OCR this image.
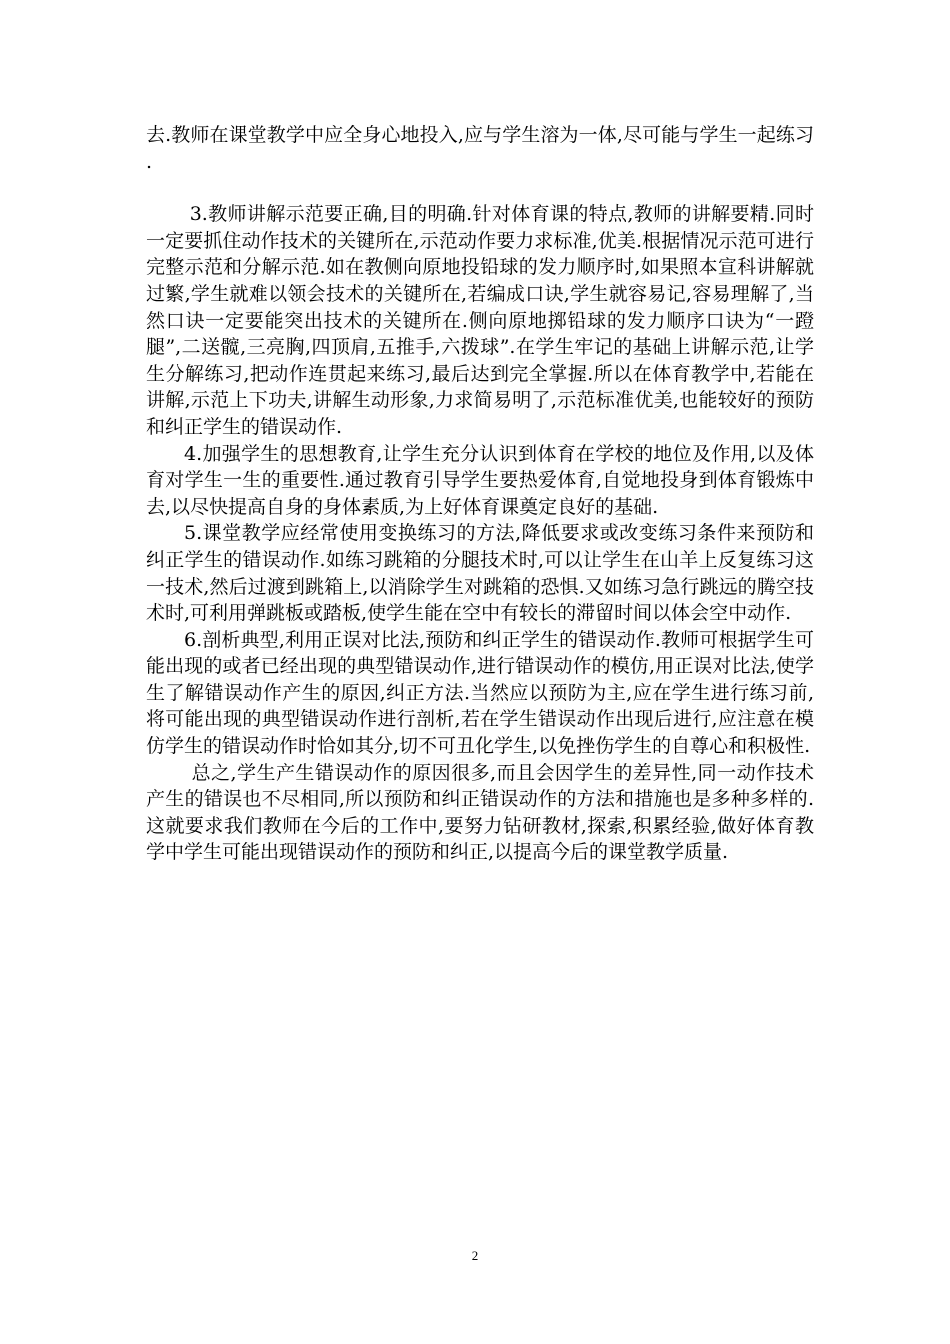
去.教师在课堂教学中应全身心地投入,应与学生溶为一体,尽可能与学生一起练习 .

3.教师讲解示范要正确,目的明确.针对体育课的特点,教师的讲解要精.同时一定要抓住动作技术的关键所在,示范动作要力求标准,优美.根据情况示范可进行完整示范和分解示范.如在教侧向原地投铅球的发力顺序时,如果照本宣科讲解就过繁,学生就难以领会技术的关键所在,若编成口诀,学生就容易记,容易理解了,当然口诀一定要能突出技术的关键所在.侧向原地掷铅球的发力顺序口诀为“一蹬腿”,二送髋,三亮胸,四顶肩,五推手,六拨球”.在学生牢记的基础上讲解示范,让学生分解练习,把动作连贯起来练习,最后达到完全掌握.所以在体育教学中,若能在讲解,示范上下功夫,讲解生动形象,力求简易明了,示范标准优美,也能较好的预防和纠正学生的错误动作.

4.加强学生的思想教育,让学生充分认识到体育在学校的地位及作用,以及体育对学生一生的重要性.通过教育引导学生要热爱体育,自觉地投身到体育锻炼中去,以尽快提高自身的身体素质,为上好体育课奠定良好的基础.

5.课堂教学应经常使用变换练习的方法,降低要求或改变练习条件来预防和纠正学生的错误动作.如练习跳箱的分腿技术时,可以让学生在山羊上反复练习这一技术,然后过渡到跳箱上,以消除学生对跳箱的恐惧.又如练习急行跳远的腾空技术时,可利用弹跳板或踏板,使学生能在空中有较长的滞留时间以体会空中动作.

6.剖析典型,利用正误对比法,预防和纠正学生的错误动作.教师可根据学生可能出现的或者已经出现的典型错误动作,进行错误动作的模仿,用正误对比法,使学生了解错误动作产生的原因,纠正方法.当然应以预防为主,应在学生进行练习前,将可能出现的典型错误动作进行剖析,若在学生错误动作出现后进行,应注意在模仿学生的错误动作时恰如其分,切不可丑化学生,以免挫伤学生的自尊心和积极性.

总之,学生产生错误动作的原因很多,而且会因学生的差异性,同一动作技术产生的错误也不尽相同,所以预防和纠正错误动作的方法和措施也是多种多样的.这就要求我们教师在今后的工作中,要努力钻研教材,探索,积累经验,做好体育教学中学生可能出现错误动作的预防和纠正,以提高今后的课堂教学质量.

2
